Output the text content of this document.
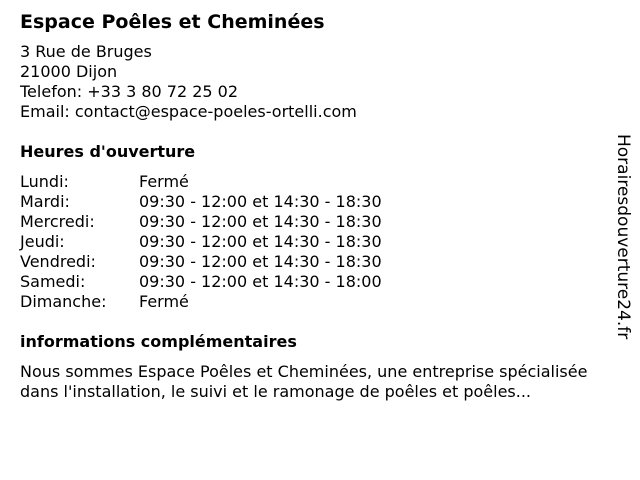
Espace Poêles et Cheminées
3 Rue de Bruges
21000 Dijon
Telefon: +33 3 80 72 25 02
Email: contact@espace-poeles-ortelli.com
Heures d'ouverture
Lundi:	Fermé
Mardi:	09:30 - 12:00 et 14:30 - 18:30
Mercredi:	09:30 - 12:00 et 14:30 - 18:30
Jeudi:	09:30 - 12:00 et 14:30 - 18:30
Vendredi:	09:30 - 12:00 et 14:30 - 18:30
Samedi:	09:30 - 12:00 et 14:30 - 18:00
Dimanche:	Fermé
informations complémentaires
Nous sommes Espace Poêles et Cheminées, une entreprise spécialisée
dans l'installation, le suivi et le ramonage de poêles et poêles...
Horairesdouverture24.fr
